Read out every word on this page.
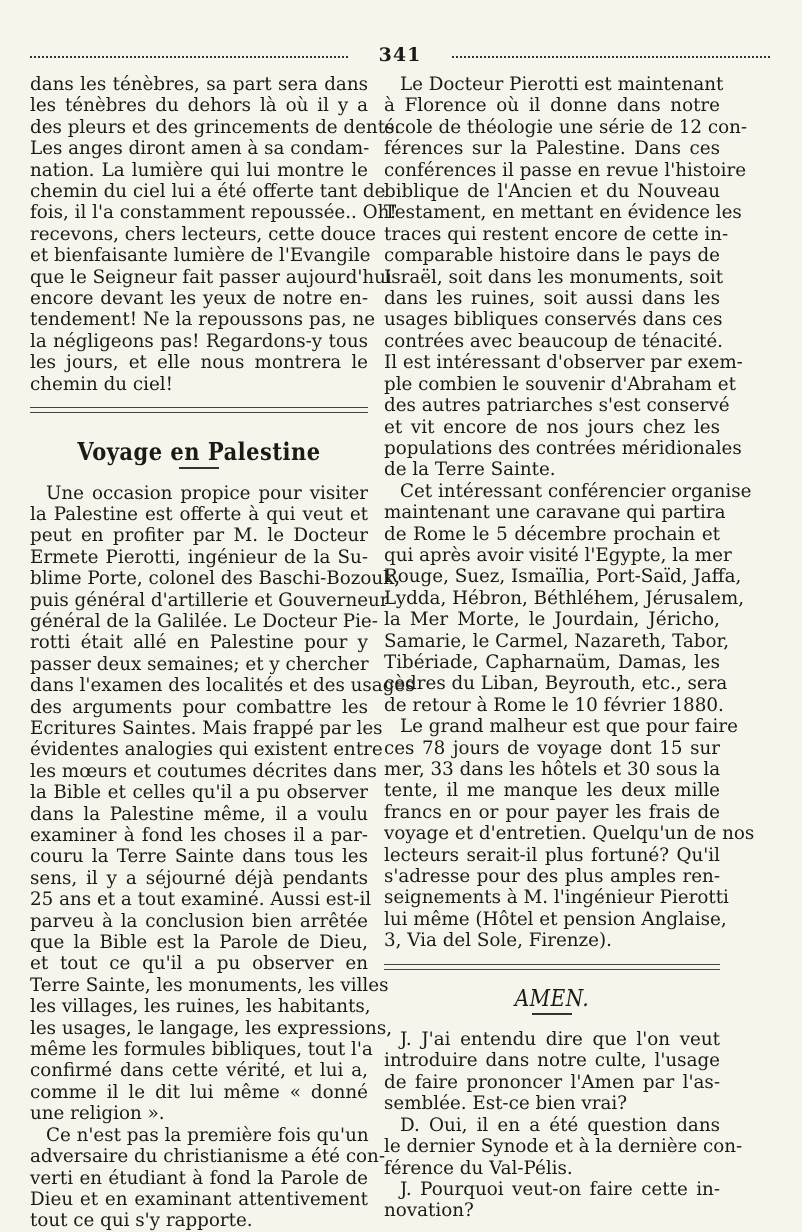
341
dans les ténèbres, sa part sera dans
les ténèbres du dehors là où il y a
des pleurs et des grincements de dents.
Les anges diront amen à sa condam-
nation. La lumière qui lui montre le
chemin du ciel lui a été offerte tant de
fois, il l'a constamment repoussée.. Oh!
recevons, chers lecteurs, cette douce
et bienfaisante lumière de l'Evangile
que le Seigneur fait passer aujourd'hui
encore devant les yeux de notre en-
tendement! Ne la repoussons pas, ne
la négligeons pas! Regardons-y tous
les jours, et elle nous montrera le
chemin du ciel!
Voyage en Palestine
Une occasion propice pour visiter
la Palestine est offerte à qui veut et
peut en profiter par M. le Docteur
Ermete Pierotti, ingénieur de la Su-
blime Porte, colonel des Baschi-Bozouk,
puis général d'artillerie et Gouverneur
général de la Galilée. Le Docteur Pie-
rotti était allé en Palestine pour y
passer deux semaines; et y chercher
dans l'examen des localités et des usages
des arguments pour combattre les
Ecritures Saintes. Mais frappé par les
évidentes analogies qui existent entre
les mœurs et coutumes décrites dans
la Bible et celles qu'il a pu observer
dans la Palestine même, il a voulu
examiner à fond les choses il a par-
couru la Terre Sainte dans tous les
sens, il y a séjourné déjà pendants
25 ans et a tout examiné. Aussi est-il
parveu à la conclusion bien arrêtée
que la Bible est la Parole de Dieu,
et tout ce qu'il a pu observer en
Terre Sainte, les monuments, les villes
les villages, les ruines, les habitants,
les usages, le langage, les expressions,
même les formules bibliques, tout l'a
confirmé dans cette vérité, et lui a,
comme il le dit lui même « donné
une religion ».
Ce n'est pas la première fois qu'un
adversaire du christianisme a été con-
verti en étudiant à fond la Parole de
Dieu et en examinant attentivement
tout ce qui s'y rapporte.
Le Docteur Pierotti est maintenant
à Florence où il donne dans notre
école de théologie une série de 12 con-
férences sur la Palestine. Dans ces
conférences il passe en revue l'histoire
biblique de l'Ancien et du Nouveau
Testament, en mettant en évidence les
traces qui restent encore de cette in-
comparable histoire dans le pays de
Israël, soit dans les monuments, soit
dans les ruines, soit aussi dans les
usages bibliques conservés dans ces
contrées avec beaucoup de ténacité.
Il est intéressant d'observer par exem-
ple combien le souvenir d'Abraham et
des autres patriarches s'est conservé
et vit encore de nos jours chez les
populations des contrées méridionales
de la Terre Sainte.
Cet intéressant conférencier organise
maintenant une caravane qui partira
de Rome le 5 décembre prochain et
qui après avoir visité l'Egypte, la mer
Rouge, Suez, Ismaïlia, Port-Saïd, Jaffa,
Lydda, Hébron, Béthléhem, Jérusalem,
la Mer Morte, le Jourdain, Jéricho,
Samarie, le Carmel, Nazareth, Tabor,
Tibériade, Capharnaüm, Damas, les
cèdres du Liban, Beyrouth, etc., sera
de retour à Rome le 10 février 1880.
Le grand malheur est que pour faire
ces 78 jours de voyage dont 15 sur
mer, 33 dans les hôtels et 30 sous la
tente, il me manque les deux mille
francs en or pour payer les frais de
voyage et d'entretien. Quelqu'un de nos
lecteurs serait-il plus fortuné? Qu'il
s'adresse pour des plus amples ren-
seignements à M. l'ingénieur Pierotti
lui même (Hôtel et pension Anglaise,
3, Via del Sole, Firenze).
AMEN.
J. J'ai entendu dire que l'on veut
introduire dans notre culte, l'usage
de faire prononcer l'Amen par l'as-
semblée. Est-ce bien vrai?
D. Oui, il en a été question dans
le dernier Synode et à la dernière con-
férence du Val-Pélis.
J. Pourquoi veut-on faire cette in-
novation?
